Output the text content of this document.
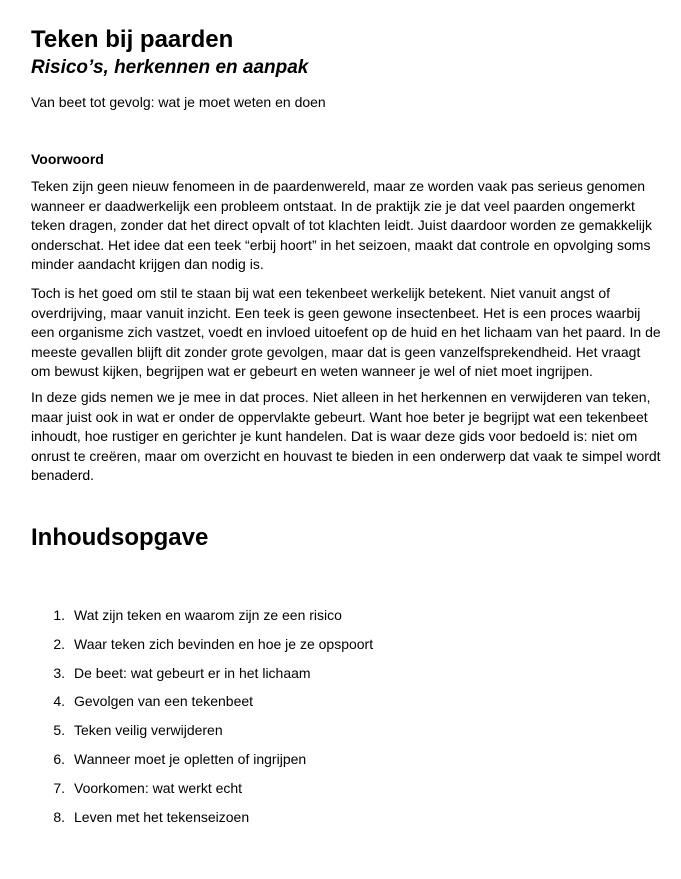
Teken bij paarden
Risico’s, herkennen en aanpak
Van beet tot gevolg: wat je moet weten en doen
Voorwoord

Teken zijn geen nieuw fenomeen in de paardenwereld, maar ze worden vaak pas serieus genomen wanneer er daadwerkelijk een probleem ontstaat. In de praktijk zie je dat veel paarden ongemerkt teken dragen, zonder dat het direct opvalt of tot klachten leidt. Juist daardoor worden ze gemakkelijk onderschat. Het idee dat een teek “erbij hoort” in het seizoen, maakt dat controle en opvolging soms minder aandacht krijgen dan nodig is.

Toch is het goed om stil te staan bij wat een tekenbeet werkelijk betekent. Niet vanuit angst of overdrijving, maar vanuit inzicht. Een teek is geen gewone insectenbeet. Het is een proces waarbij een organisme zich vastzet, voedt en invloed uitoefent op de huid en het lichaam van het paard. In de meeste gevallen blijft dit zonder grote gevolgen, maar dat is geen vanzelfsprekendheid. Het vraagt om bewust kijken, begrijpen wat er gebeurt en weten wanneer je wel of niet moet ingrijpen.

In deze gids nemen we je mee in dat proces. Niet alleen in het herkennen en verwijderen van teken, maar juist ook in wat er onder de oppervlakte gebeurt. Want hoe beter je begrijpt wat een tekenbeet inhoudt, hoe rustiger en gerichter je kunt handelen. Dat is waar deze gids voor bedoeld is: niet om onrust te creëren, maar om overzicht en houvast te bieden in een onderwerp dat vaak te simpel wordt benaderd.

Inhoudsopgave
1. Wat zijn teken en waarom zijn ze een risico
2. Waar teken zich bevinden en hoe je ze opspoort
3. De beet: wat gebeurt er in het lichaam
4. Gevolgen van een tekenbeet
5. Teken veilig verwijderen
6. Wanneer moet je opletten of ingrijpen
7. Voorkomen: wat werkt echt
8. Leven met het tekenseizoen
